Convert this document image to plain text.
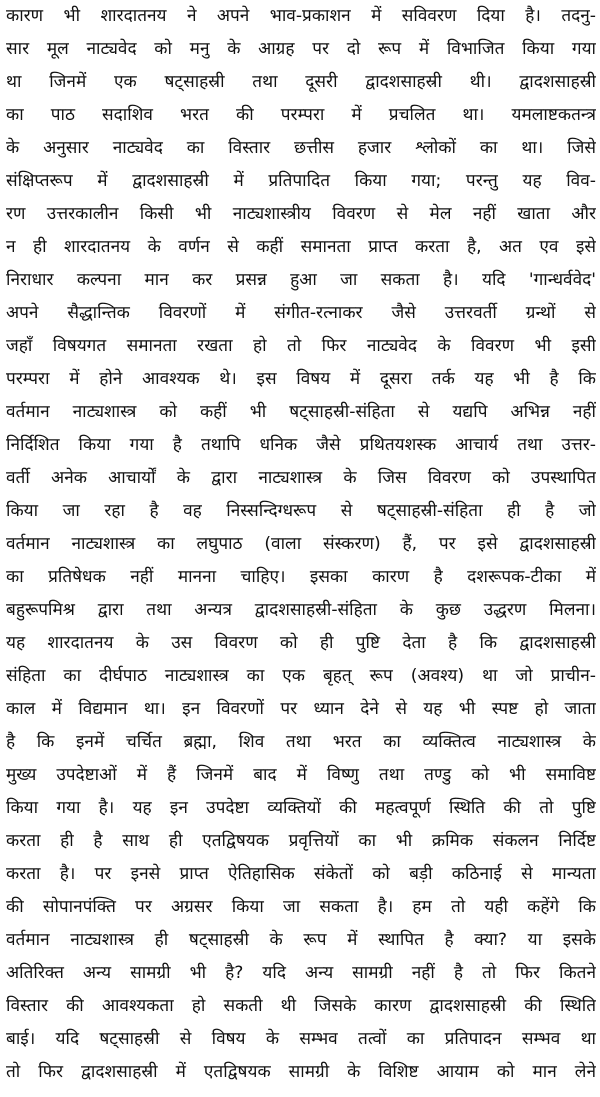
कारण भी शारदातनय ने अपने भाव-प्रकाशन में सविवरण दिया है। तदनु-
सार मूल नाट्यवेद को मनु के आग्रह पर दो रूप में विभाजित किया गया
था जिनमें एक षट्साहस्री तथा दूसरी द्वादशसाहस्री थी। द्वादशसाहस्री
का पाठ सदाशिव भरत की परम्परा में प्रचलित था। यमलाष्टकतन्त्र
के अनुसार नाट्यवेद का विस्तार छत्तीस हजार श्लोकों का था। जिसे
संक्षिप्तरूप में द्वादशसाहस्री में प्रतिपादित किया गया; परन्तु यह विव-
रण उत्तरकालीन किसी भी नाट्यशास्त्रीय विवरण से मेल नहीं खाता और
न ही शारदातनय के वर्णन से कहीं समानता प्राप्त करता है, अत एव इसे
निराधार कल्पना मान कर प्रसन्न हुआ जा सकता है। यदि 'गान्धर्ववेद'
अपने सैद्धान्तिक विवरणों में संगीत-रत्नाकर जैसे उत्तरवर्ती ग्रन्थों से
जहाँ विषयगत समानता रखता हो तो फिर नाट्यवेद के विवरण भी इसी
परम्परा में होने आवश्यक थे। इस विषय में दूसरा तर्क यह भी है कि
वर्तमान नाट्यशास्त्र को कहीं भी षट्साहस्री-संहिता से यद्यपि अभिन्न नहीं
निर्दिशित किया गया है तथापि धनिक जैसे प्रथितयशस्क आचार्य तथा उत्तर-
वर्ती अनेक आचार्यों के द्वारा नाट्यशास्त्र के जिस विवरण को उपस्थापित
किया जा रहा है वह निस्सन्दिग्धरूप से षट्साहस्री-संहिता ही है जो
वर्तमान नाट्यशास्त्र का लघुपाठ (वाला संस्करण) हैं, पर इसे द्वादशसाहस्री
का प्रतिषेधक नहीं मानना चाहिए। इसका कारण है दशरूपक-टीका में
बहुरूपमिश्र द्वारा तथा अन्यत्र द्वादशसाहस्री-संहिता के कुछ उद्धरण मिलना।
यह शारदातनय के उस विवरण को ही पुष्टि देता है कि द्वादशसाहस्री
संहिता का दीर्घपाठ नाट्यशास्त्र का एक बृहत् रूप (अवश्य) था जो प्राचीन-
काल में विद्यमान था। इन विवरणों पर ध्यान देने से यह भी स्पष्ट हो जाता
है कि इनमें चर्चित ब्रह्मा, शिव तथा भरत का व्यक्तित्व नाट्यशास्त्र के
मुख्य उपदेष्टाओं में हैं जिनमें बाद में विष्णु तथा तण्डु को भी समाविष्ट
किया गया है। यह इन उपदेष्टा व्यक्तियों की महत्वपूर्ण स्थिति की तो पुष्टि
करता ही है साथ ही एतद्विषयक प्रवृत्तियों का भी क्रमिक संकलन निर्दिष्ट
करता है। पर इनसे प्राप्त ऐतिहासिक संकेतों को बड़ी कठिनाई से मान्यता
की सोपानपंक्ति पर अग्रसर किया जा सकता है। हम तो यही कहेंगे कि
वर्तमान नाट्यशास्त्र ही षट्साहस्री के रूप में स्थापित है क्या? या इसके
अतिरिक्त अन्य सामग्री भी है? यदि अन्य सामग्री नहीं है तो फिर कितने
विस्तार की आवश्यकता हो सकती थी जिसके कारण द्वादशसाहस्री की स्थिति
बाई। यदि षट्साहस्री से विषय के सम्भव तत्वों का प्रतिपादन सम्भव था
तो फिर द्वादशसाहस्री में एतद्विषयक सामग्री के विशिष्ट आयाम को मान लेने
